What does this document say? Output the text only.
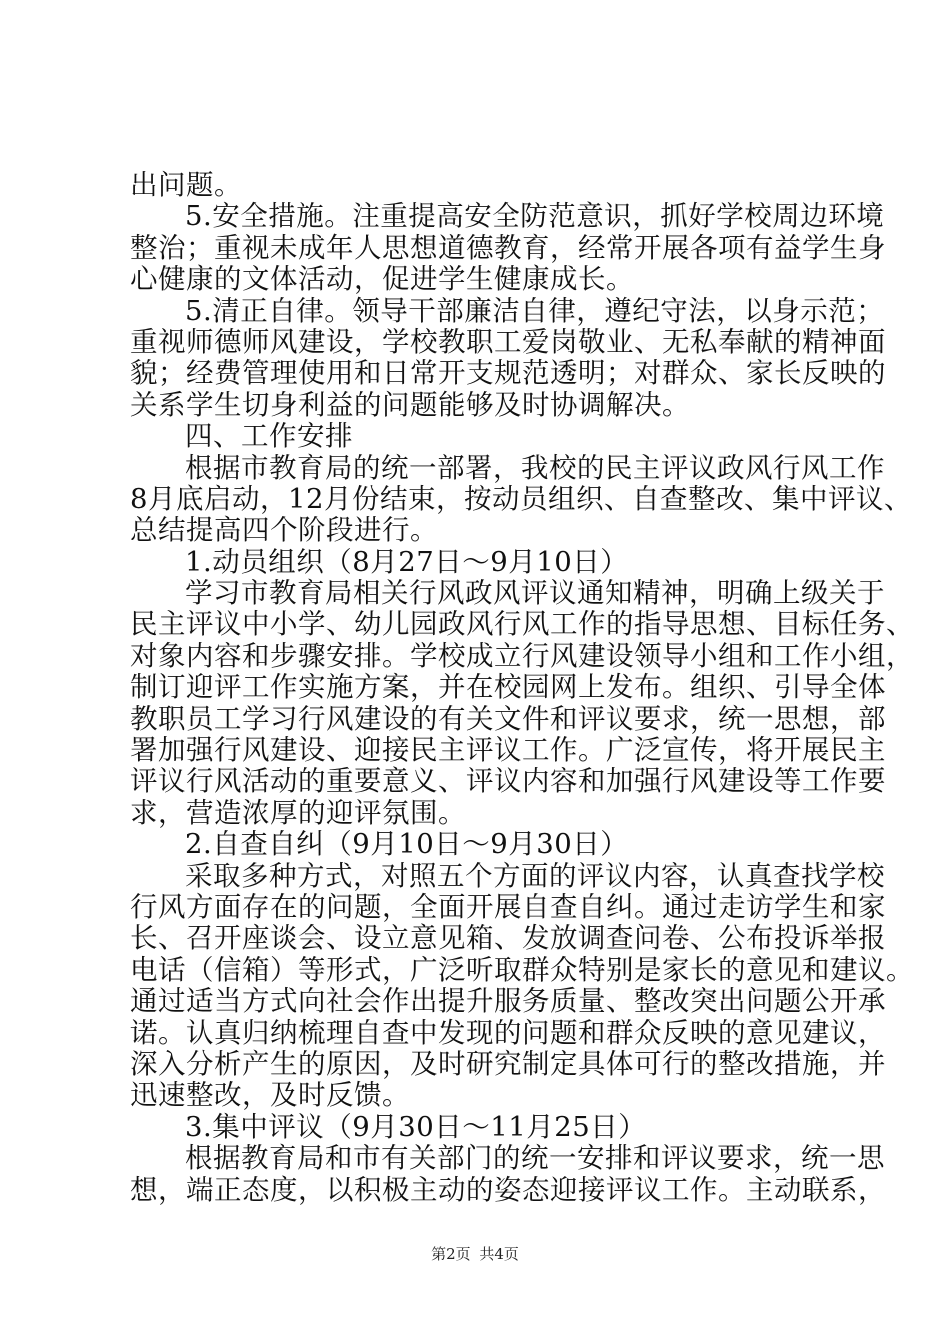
出问题。
5.安全措施。注重提高安全防范意识，抓好学校周边环境
整治；重视未成年人思想道德教育，经常开展各项有益学生身
心健康的文体活动，促进学生健康成长。
5.清正自律。领导干部廉洁自律，遵纪守法，以身示范；
重视师德师风建设，学校教职工爱岗敬业、无私奉献的精神面
貌；经费管理使用和日常开支规范透明；对群众、家长反映的
关系学生切身利益的问题能够及时协调解决。
四、工作安排
根据市教育局的统一部署，我校的民主评议政风行风工作
8月底启动，12月份结束，按动员组织、自查整改、集中评议、
总结提高四个阶段进行。
1.动员组织（8月27日～9月10日）
学习市教育局相关行风政风评议通知精神，明确上级关于
民主评议中小学、幼儿园政风行风工作的指导思想、目标任务、
对象内容和步骤安排。学校成立行风建设领导小组和工作小组，
制订迎评工作实施方案，并在校园网上发布。组织、引导全体
教职员工学习行风建设的有关文件和评议要求，统一思想，部
署加强行风建设、迎接民主评议工作。广泛宣传，将开展民主
评议行风活动的重要意义、评议内容和加强行风建设等工作要
求，营造浓厚的迎评氛围。
2.自查自纠（9月10日～9月30日）
采取多种方式，对照五个方面的评议内容，认真查找学校
行风方面存在的问题，全面开展自查自纠。通过走访学生和家
长、召开座谈会、设立意见箱、发放调查问卷、公布投诉举报
电话（信箱）等形式，广泛听取群众特别是家长的意见和建议。
通过适当方式向社会作出提升服务质量、整改突出问题公开承
诺。认真归纳梳理自查中发现的问题和群众反映的意见建议，
深入分析产生的原因，及时研究制定具体可行的整改措施，并
迅速整改，及时反馈。
3.集中评议（9月30日～11月25日）
根据教育局和市有关部门的统一安排和评议要求，统一思
想，端正态度，以积极主动的姿态迎接评议工作。主动联系，
第2页 共4页
